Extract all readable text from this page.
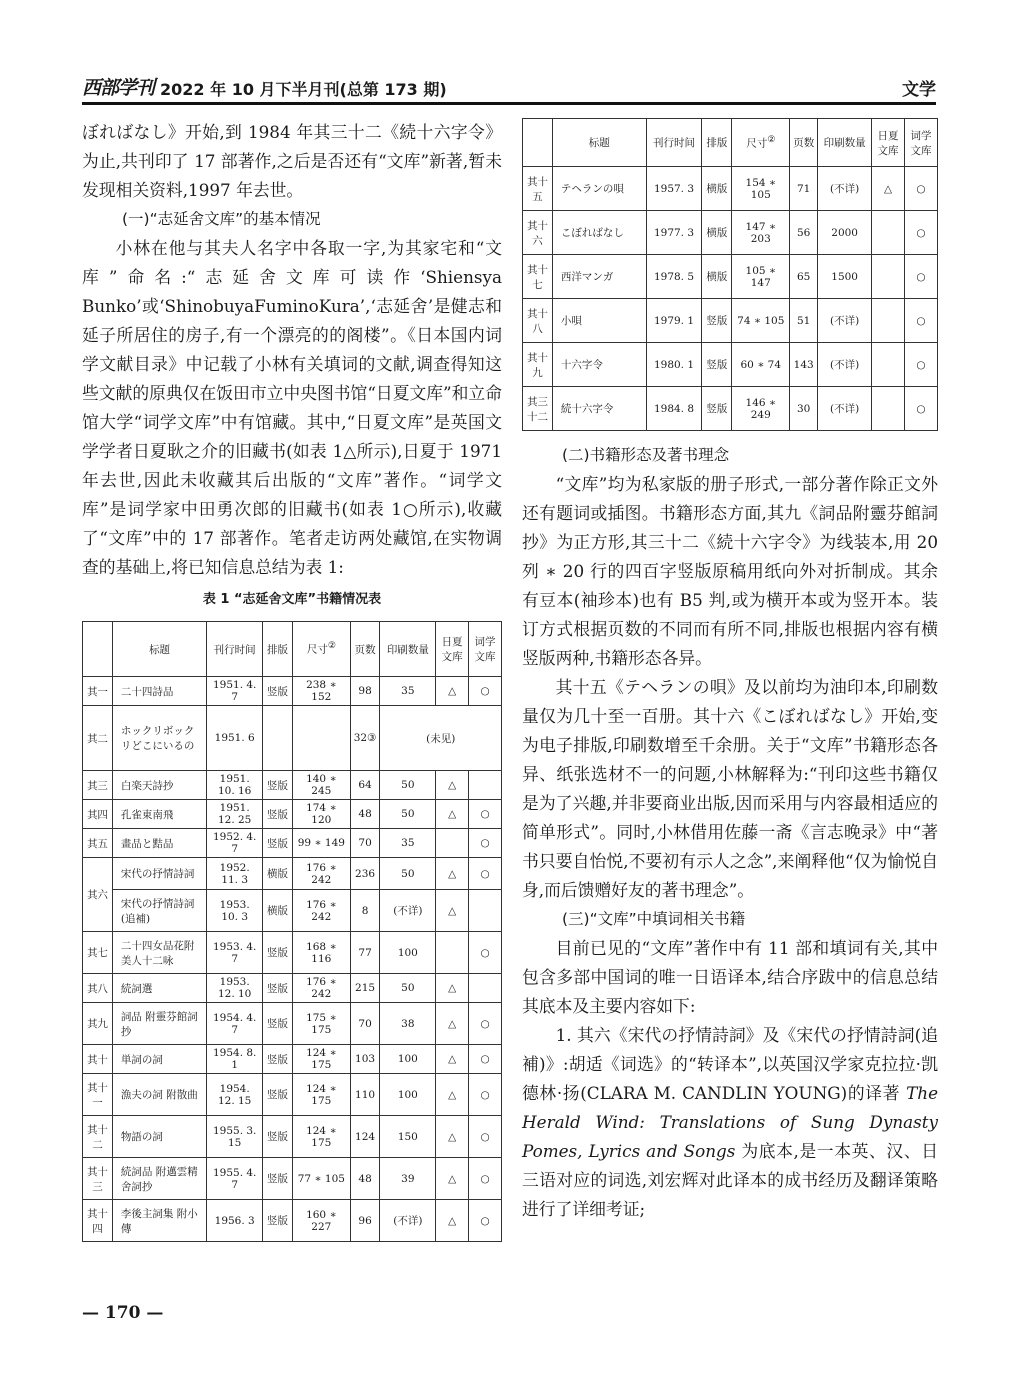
西部学刊 2022 年 10 月下半月刊(总第 173 期)	文学

ぼればなし》开始,到 1984 年其三十二《続十六字令》为止,共刊印了 17 部著作,之后是否还有“文库”新著,暂未发现相关资料,1997 年去世。

(一)“志延舍文库”的基本情况

小林在他与其夫人名字中各取一字,为其家宅和“文库”命名:“志延舍文库可读作‘Shiensya Bunko’或‘ShinobuyaFuminoKura’,‘志延舍’是健志和延子所居住的房子,有一个漂亮的的阁楼”。《日本国内词学文献目录》中记载了小林有关填词的文献,调查得知这些文献的原典仅在饭田市立中央图书馆“日夏文库”和立命馆大学“词学文库”中有馆藏。其中,“日夏文库”是英国文学学者日夏耿之介的旧藏书(如表 1△所示),日夏于 1971 年去世,因此未收藏其后出版的“文库”著作。“词学文库”是词学家中田勇次郎的旧藏书(如表 1○所示),收藏了“文库”中的 17 部著作。笔者走访两处藏馆,在实物调查的基础上,将已知信息总结为表 1:

表 1 “志延舍文库”书籍情况表
	标题	刊行时间	排版	尺寸②	页数	印刷数量	日夏文库	词学文库
其一	二十四詩品	1951. 4. 7	竖版	238 ∗ 152	98	35	△	○
其二	ホックリボックリどこにいるの	1951. 6			32③	(未见)		
其三	白楽天詩抄	1951. 10. 16	竖版	140 ∗ 245	64	50	△	
其四	孔雀東南飛	1951. 12. 25	竖版	174 ∗ 120	48	50	△	○
其五	畫品と黠品	1952. 4. 7	竖版	99 ∗ 149	70	35		○
其六	宋代の抒情詩詞	1952. 11. 3	横版	176 ∗ 242	236	50	△	○
	宋代の抒情詩詞(追補)	1953. 10. 3	横版	176 ∗ 242	8	(不详)	△	
其七	二十四女品花附美人十二咏	1953. 4. 7	竖版	168 ∗ 116	77	100		○
其八	続詞選	1953. 12. 10	竖版	176 ∗ 242	215	50	△	
其九	詞品 附靈芬館詞抄	1954. 4. 7	竖版	175 ∗ 175	70	38	△	○
其十	単詞の詞	1954. 8. 1	竖版	124 ∗ 175	103	100	△	○
其十一	漁夫の詞 附散曲	1954. 12. 15	竖版	124 ∗ 175	110	100	△	○
其十二	物語の詞	1955. 3. 15	竖版	124 ∗ 175	124	150	△	○
其十三	続詞品 附邁雲精舍詞抄	1955. 4. 7	竖版	77 ∗ 105	48	39	△	○
其十四	李後主詞集 附小傳	1956. 3	竖版	160 ∗ 227	96	(不详)	△	○
	标题	刊行时间	排版	尺寸②	页数	印刷数量	日夏文库	词学文库
其十五	テヘランの唄	1957. 3	横版	154 ∗ 105	71	(不详)	△	○
其十六	こぼればなし	1977. 3	横版	147 ∗ 203	56	2000		○
其十七	西洋マンガ	1978. 5	横版	105 ∗ 147	65	1500		○
其十八	小唄	1979. 1	竖版	74 ∗ 105	51	(不详)		○
其十九	十六字令	1980. 1	竖版	60 ∗ 74	143	(不详)		○
其三十二	続十六字令	1984. 8	竖版	146 ∗ 249	30	(不详)		○

(二)书籍形态及著书理念

“文库”均为私家版的册子形式,一部分著作除正文外还有题词或插图。书籍形态方面,其九《詞品附靈芬館詞抄》为正方形,其三十二《続十六字令》为线装本,用 20 列 ∗ 20 行的四百字竖版原稿用纸向外对折制成。其余有豆本(袖珍本)也有 B5 判,或为横开本或为竖开本。装订方式根据页数的不同而有所不同,排版也根据内容有横竖版两种,书籍形态各异。

其十五《テヘランの唄》及以前均为油印本,印刷数量仅为几十至一百册。其十六《こぼればなし》开始,变为电子排版,印刷数增至千余册。关于“文库”书籍形态各异、纸张选材不一的问题,小林解释为:“刊印这些书籍仅是为了兴趣,并非要商业出版,因而采用与内容最相适应的简单形式”。同时,小林借用佐藤一斋《言志晚录》中“著书只要自怡悦,不要初有示人之念”,来阐释他“仅为愉悦自身,而后馈赠好友的著书理念”。

(三)“文库”中填词相关书籍

目前已见的“文库”著作中有 11 部和填词有关,其中包含多部中国词的唯一日语译本,结合序跋中的信息总结其底本及主要内容如下:

1. 其六《宋代の抒情詩詞》及《宋代の抒情詩詞(追補)》:胡适《词选》的“转译本”,以英国汉学家克拉拉·凯德林·扬(CLARA M. CANDLIN YOUNG)的译著 The Herald Wind: Translations of Sung Dynasty Pomes, Lyrics and Songs 为底本,是一本英、汉、日三语对应的词选,刘宏辉对此译本的成书经历及翻译策略进行了详细考证;

— 170 —
